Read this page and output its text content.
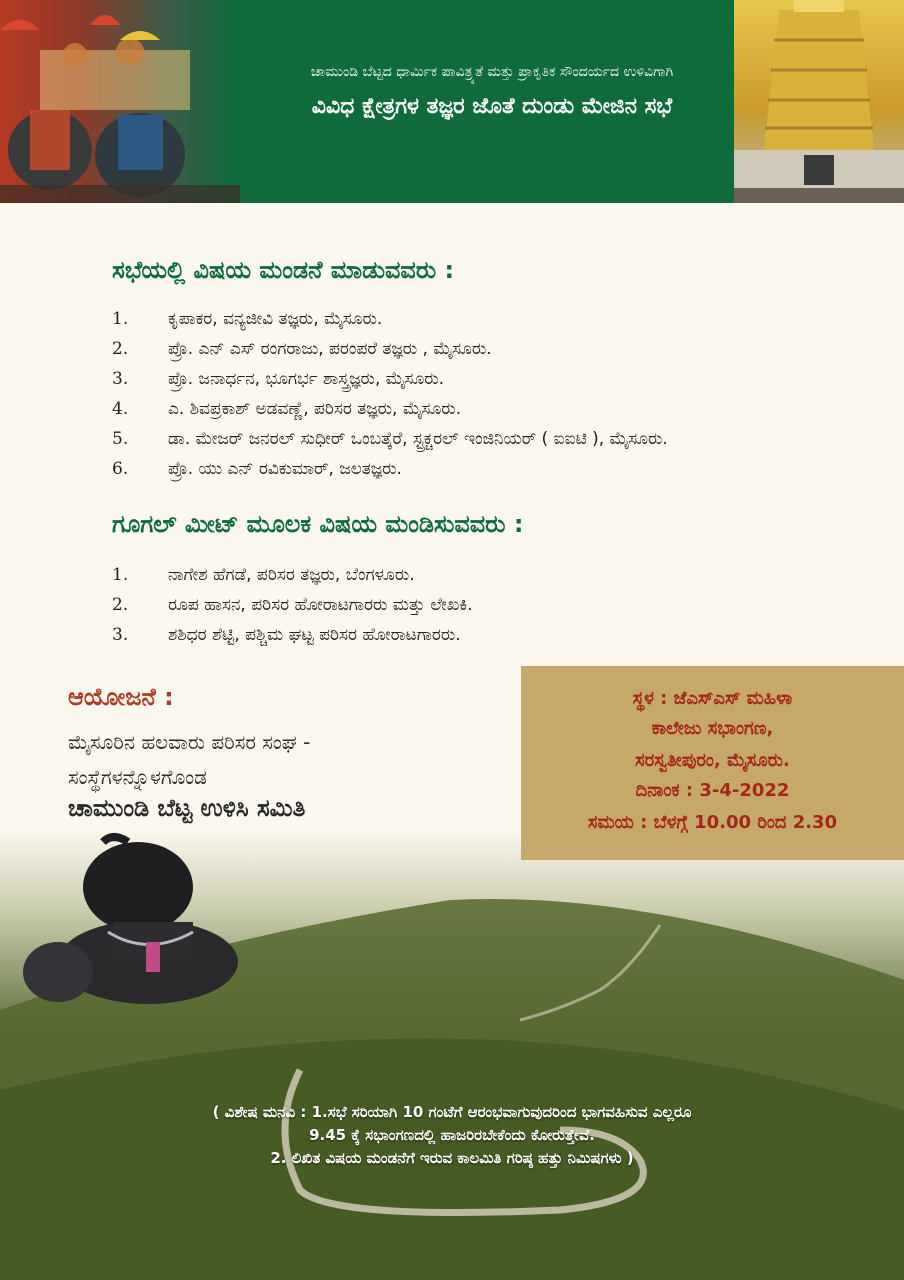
ಚಾಮುಂಡಿ ಬೆಟ್ಟದ ಧಾರ್ಮಿಕ ಪಾವಿತ್ರ್ಯತೆ ಮತ್ತು ಪ್ರಾಕೃತಿಕ ಸೌಂದರ್ಯದ ಉಳಿವಿಗಾಗಿ
ವಿವಿಧ ಕ್ಷೇತ್ರಗಳ ತಜ್ಞರ ಜೊತೆ ದುಂಡು ಮೇಜಿನ ಸಭೆ
ಸಭೆಯಲ್ಲಿ ವಿಷಯ ಮಂಡನೆ ಮಾಡುವವರು :
1.	ಕೃಪಾಕರ, ವನ್ಯಜೀವಿ ತಜ್ಞರು, ಮೈಸೂರು.
2.	ಪ್ರೊ. ಎನ್ ಎಸ್ ರಂಗರಾಜು, ಪರಂಪರೆ ತಜ್ಞರು , ಮೈಸೂರು.
3.	ಪ್ರೊ. ಜನಾರ್ಧನ, ಭೂಗರ್ಭ ಶಾಸ್ತ್ರಜ್ಞರು, ಮೈಸೂರು.
4.	ಎ. ಶಿವಪ್ರಕಾಶ್ ಅಡವಣ್ಣೆ, ಪರಿಸರ ತಜ್ಞರು, ಮೈಸೂರು.
5.	ಡಾ. ಮೇಜರ್ ಜನರಲ್ ಸುಧೀರ್ ಒಂಬತ್ಕೆರೆ, ಸ್ಟ್ರಕ್ಚರಲ್ ಇಂಜಿನಿಯರ್ ( ಐಐಟಿ ), ಮೈಸೂರು.
6.	ಪ್ರೊ. ಯು ಎನ್ ರವಿಕುಮಾರ್, ಜಲತಜ್ಞರು.
ಗೂಗಲ್ ಮೀಟ್ ಮೂಲಕ ವಿಷಯ ಮಂಡಿಸುವವರು :
1.	ನಾಗೇಶ ಹೆಗಡೆ, ಪರಿಸರ ತಜ್ಞರು, ಬೆಂಗಳೂರು.
2.	ರೂಪ ಹಾಸನ, ಪರಿಸರ ಹೋರಾಟಗಾರರು ಮತ್ತು ಲೇಖಕಿ.
3.	ಶಶಿಧರ ಶೆಟ್ಟಿ, ಪಶ್ಚಿಮ ಘಟ್ಟ ಪರಿಸರ ಹೋರಾಟಗಾರರು.
ಆಯೋಜನೆ :
ಮೈಸೂರಿನ ಹಲವಾರು ಪರಿಸರ ಸಂಘ -
ಸಂಸ್ಥೆಗಳನ್ನೊಳಗೊಂಡ
ಚಾಮುಂಡಿ ಬೆಟ್ಟ ಉಳಿಸಿ ಸಮಿತಿ
ಸ್ಥಳ : ಜೆಎಸ್ಎಸ್ ಮಹಿಳಾ
ಕಾಲೇಜು ಸಭಾಂಗಣ,
ಸರಸ್ವತೀಪುರಂ, ಮೈಸೂರು.
ದಿನಾಂಕ : 3-4-2022
ಸಮಯ : ಬೆಳಗ್ಗೆ 10.00 ರಿಂದ 2.30
( ವಿಶೇಷ ಮನವಿ : 1.ಸಭೆ ಸರಿಯಾಗಿ 10 ಗಂಟೆಗೆ ಆರಂಭವಾಗುವುದರಿಂದ ಭಾಗವಹಿಸುವ ಎಲ್ಲರೂ
9.45 ಕ್ಕೆ ಸಭಾಂಗಣದಲ್ಲಿ ಹಾಜರಿರಬೇಕೆಂದು ಕೋರುತ್ತೇವೆ.
2. ಲಿಖಿತ ವಿಷಯ ಮಂಡನೆಗೆ ಇರುವ ಕಾಲಮಿತಿ ಗರಿಷ್ಠ ಹತ್ತು ನಿಮಿಷಗಳು )
